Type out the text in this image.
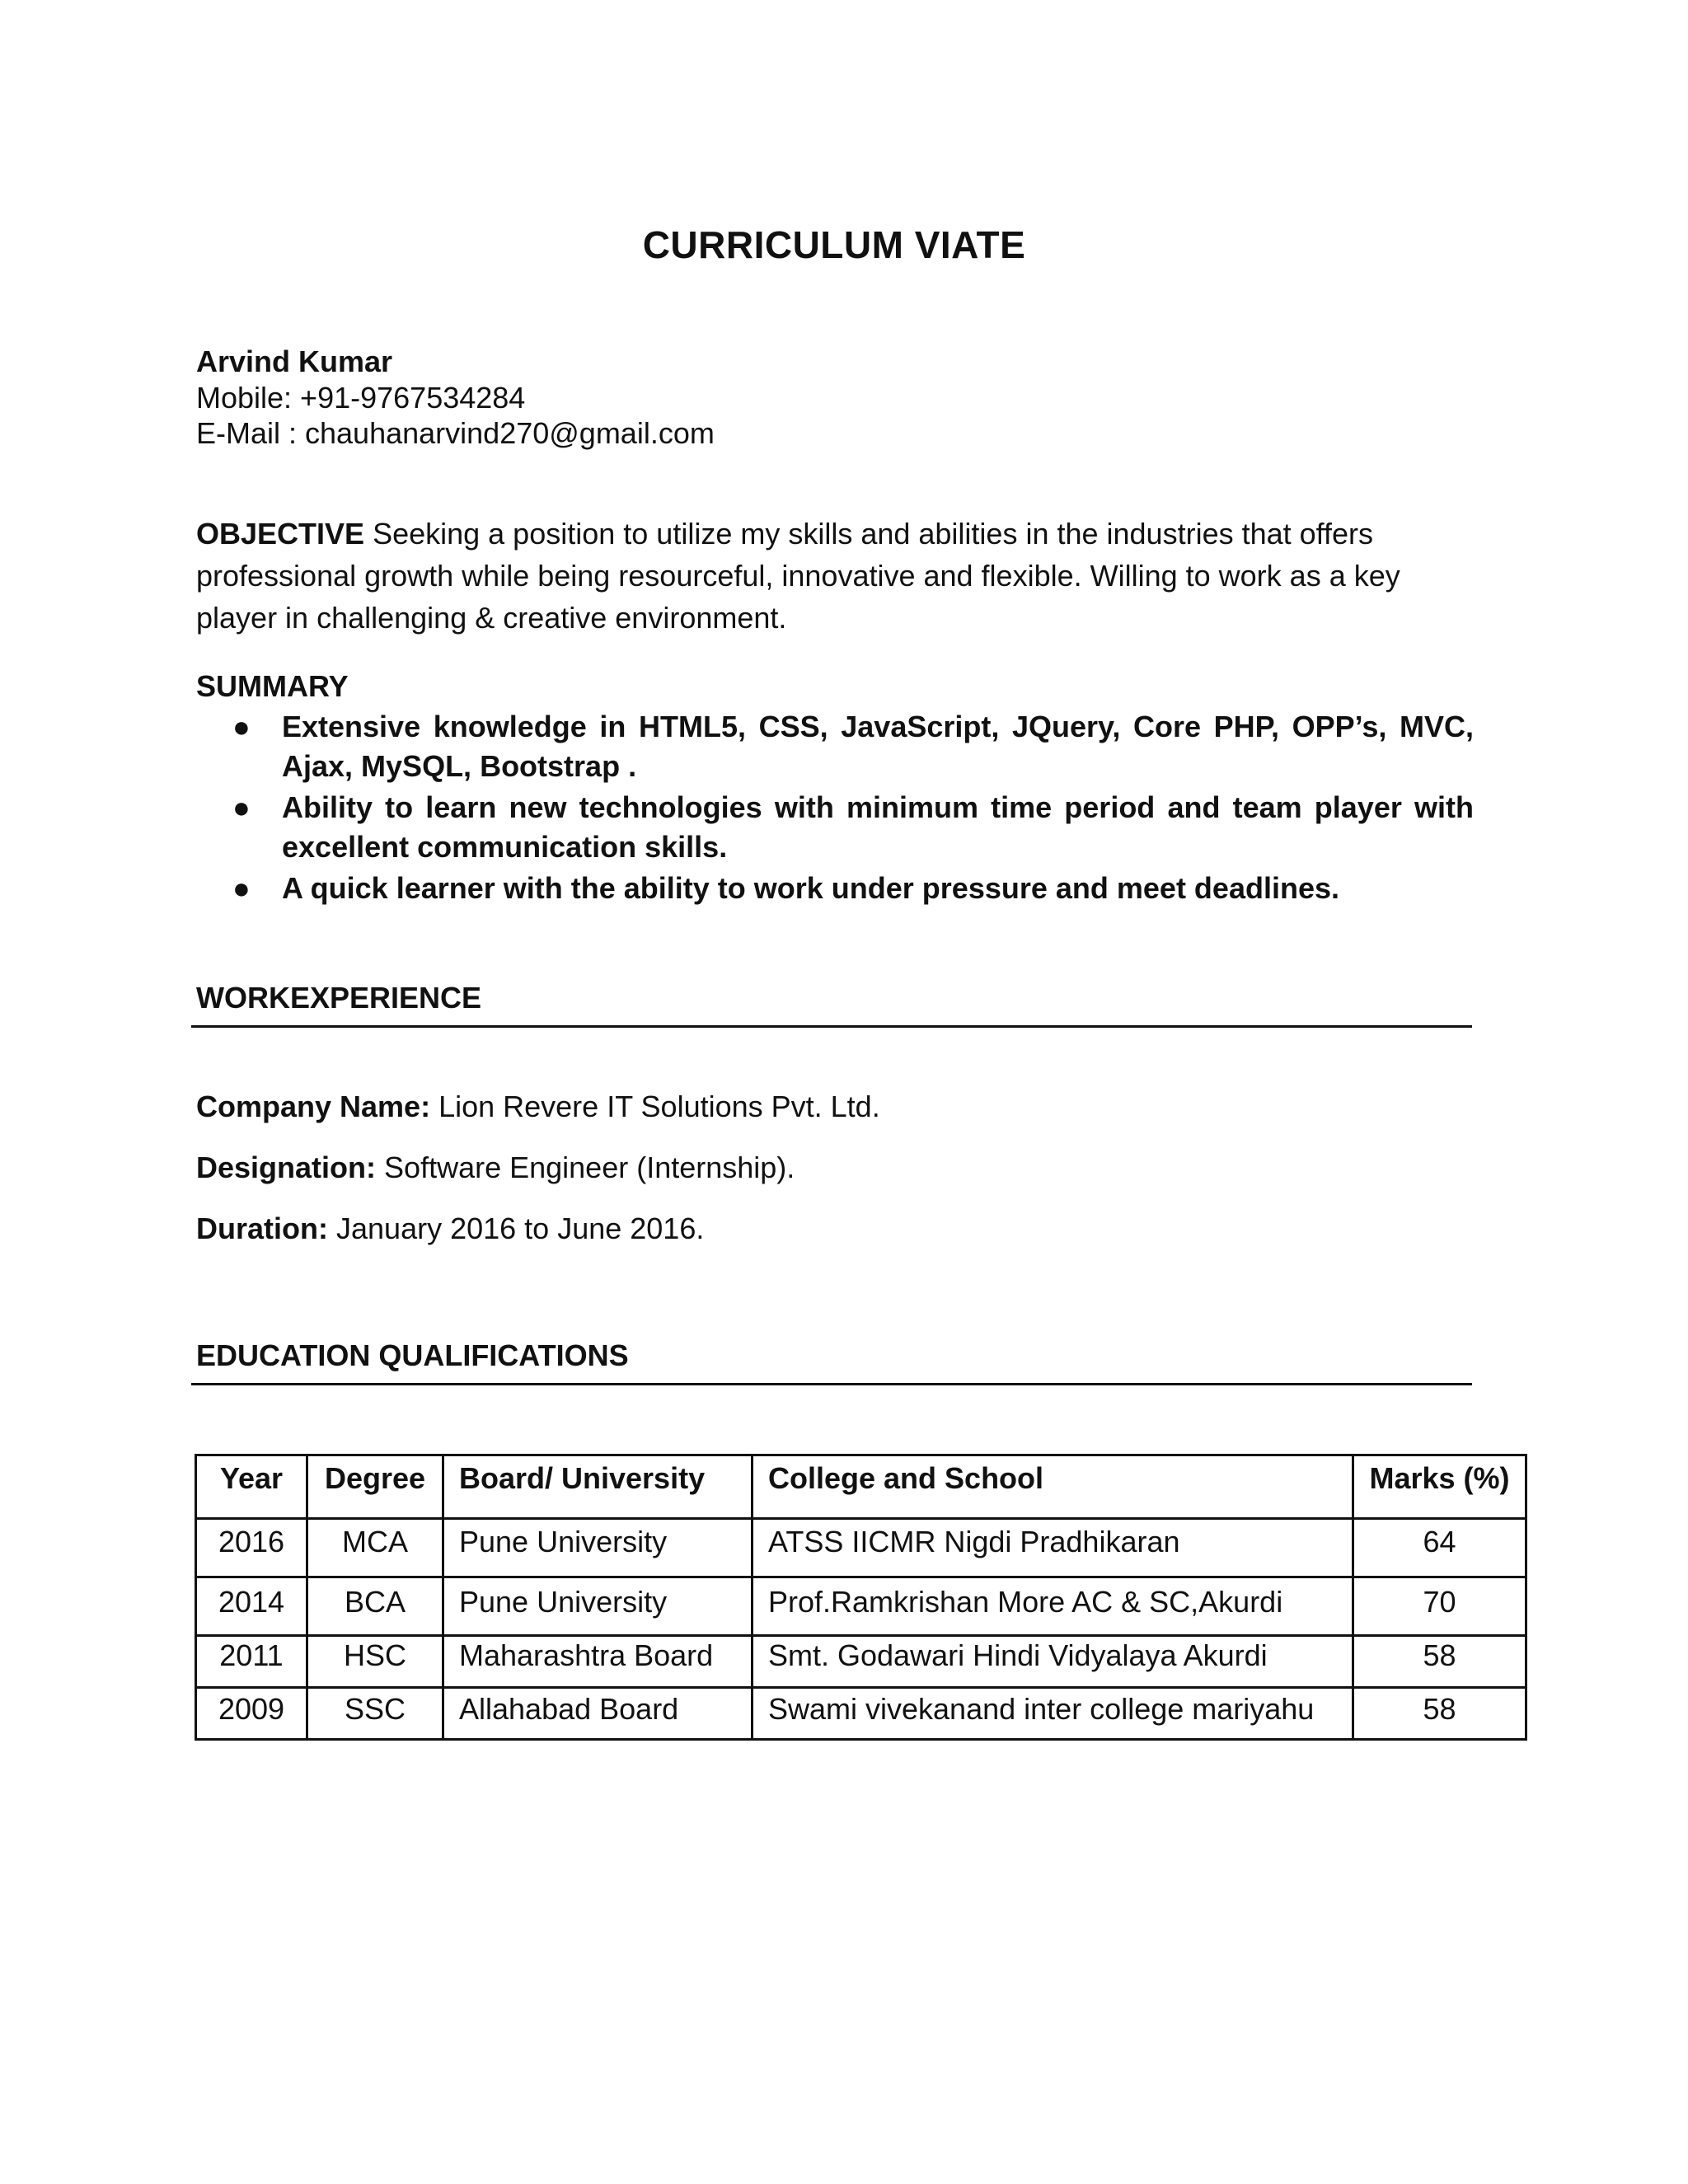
CURRICULUM VIATE
Arvind Kumar
Mobile: +91-9767534284
E-Mail : chauhanarvind270@gmail.com

OBJECTIVE Seeking a position to utilize my skills and abilities in the industries that offers professional growth while being resourceful, innovative and flexible. Willing to work as a key player in challenging & creative environment.

SUMMARY
● Extensive knowledge in HTML5, CSS, JavaScript, JQuery, Core PHP, OPP’s, MVC, Ajax, MySQL, Bootstrap .
● Ability to learn new technologies with minimum time period and team player with excellent communication skills.
● A quick learner with the ability to work under pressure and meet deadlines.
WORKEXPERIENCE
Company Name: Lion Revere IT Solutions Pvt. Ltd.
Designation: Software Engineer (Internship).
Duration: January 2016 to June 2016.
EDUCATION QUALIFICATIONS
Year	Degree	Board/ University	College and School	Marks (%)
2016	MCA	Pune University	ATSS IICMR Nigdi Pradhikaran	64
2014	BCA	Pune University	Prof.Ramkrishan More AC & SC,Akurdi	70
2011	HSC	Maharashtra Board	Smt. Godawari Hindi Vidyalaya Akurdi	58
2009	SSC	Allahabad Board	Swami vivekanand inter college mariyahu	58
